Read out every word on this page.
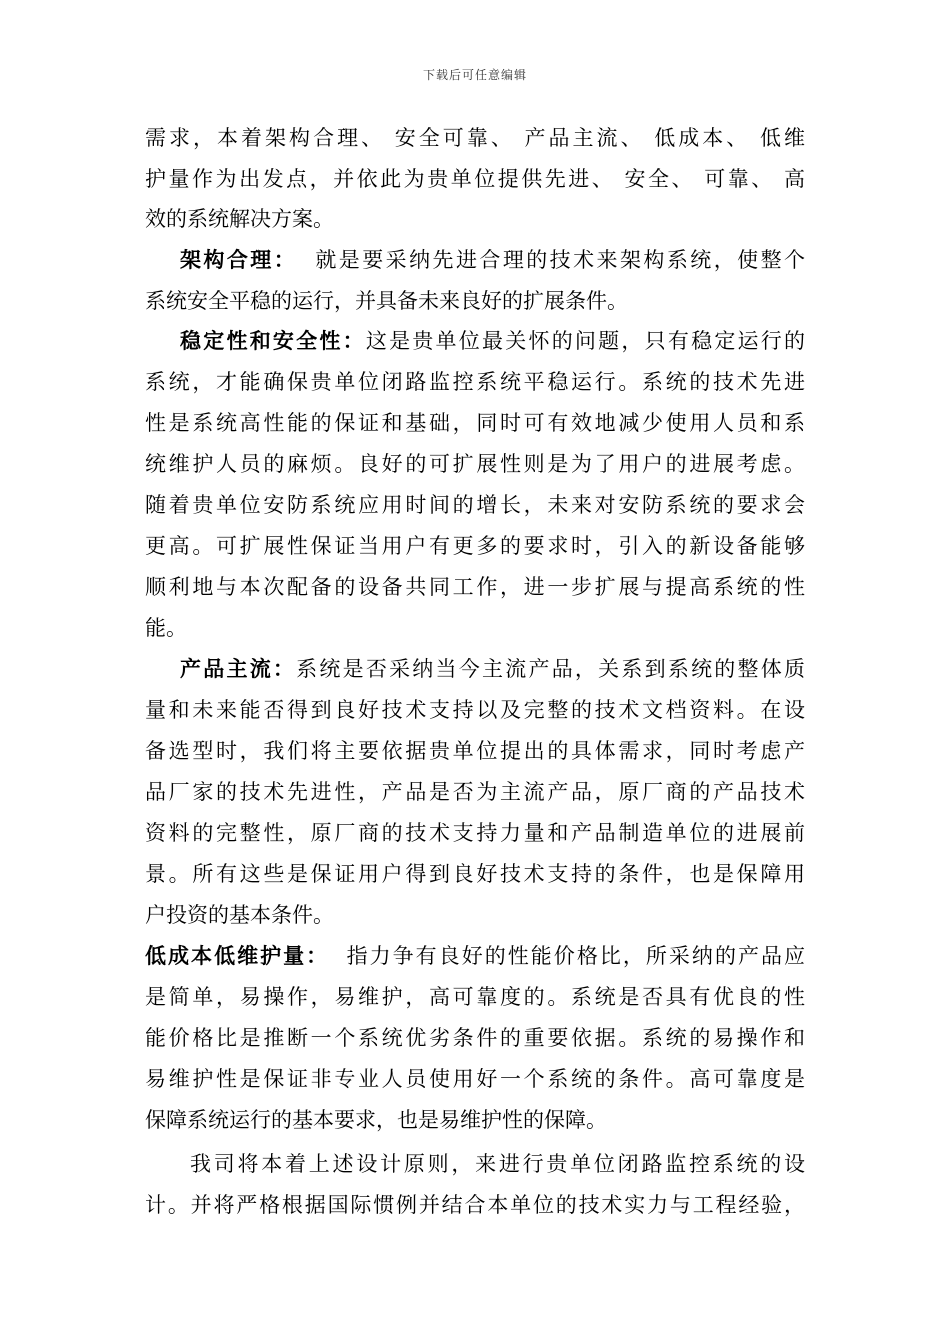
下载后可任意编辑
需求，本着架构合理、 安全可靠、 产品主流、 低成本、 低维
护量作为出发点，并依此为贵单位提供先进、 安全、 可靠、 高
效的系统解决方案。
架构合理： 就是要采纳先进合理的技术来架构系统，使整个
系统安全平稳的运行，并具备未来良好的扩展条件。
稳定性和安全性：这是贵单位最关怀的问题，只有稳定运行的
系统，才能确保贵单位闭路监控系统平稳运行。系统的技术先进
性是系统高性能的保证和基础，同时可有效地减少使用人员和系
统维护人员的麻烦。良好的可扩展性则是为了用户的进展考虑。
随着贵单位安防系统应用时间的增长，未来对安防系统的要求会
更高。可扩展性保证当用户有更多的要求时，引入的新设备能够
顺利地与本次配备的设备共同工作，进一步扩展与提高系统的性
能。
产品主流：系统是否采纳当今主流产品，关系到系统的整体质
量和未来能否得到良好技术支持以及完整的技术文档资料。在设
备选型时，我们将主要依据贵单位提出的具体需求，同时考虑产
品厂家的技术先进性，产品是否为主流产品，原厂商的产品技术
资料的完整性，原厂商的技术支持力量和产品制造单位的进展前
景。所有这些是保证用户得到良好技术支持的条件，也是保障用
户投资的基本条件。
低成本低维护量： 指力争有良好的性能价格比，所采纳的产品应
是简单，易操作，易维护，高可靠度的。系统是否具有优良的性
能价格比是推断一个系统优劣条件的重要依据。系统的易操作和
易维护性是保证非专业人员使用好一个系统的条件。高可靠度是
保障系统运行的基本要求，也是易维护性的保障。
我司将本着上述设计原则，来进行贵单位闭路监控系统的设
计。并将严格根据国际惯例并结合本单位的技术实力与工程经验，
